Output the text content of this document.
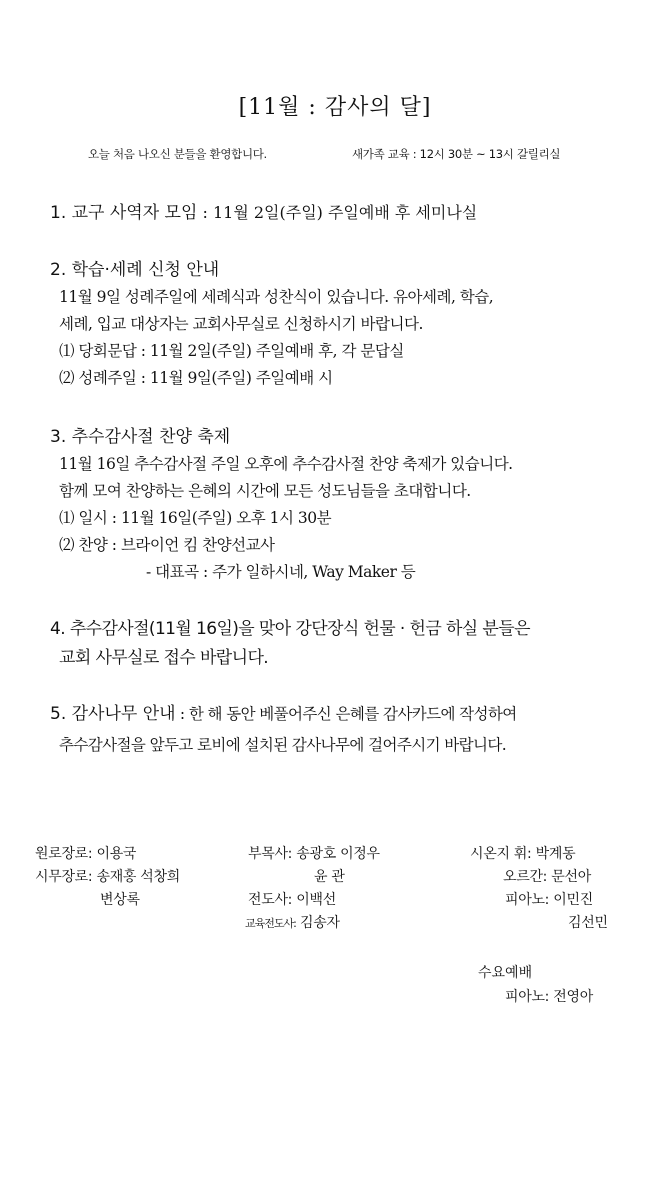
[11월 : 감사의 달]
오늘 처음 나오신 분들을 환영합니다.	새가족 교육 : 12시 30분 ~ 13시 갈릴리실
1. 교구 사역자 모임 : 11월 2일(주일) 주일예배 후 세미나실
2. 학습·세례 신청 안내
11월 9일 성례주일에 세례식과 성찬식이 있습니다. 유아세례, 학습,
세례, 입교 대상자는 교회사무실로 신청하시기 바랍니다.
⑴ 당회문답 : 11월 2일(주일) 주일예배 후, 각 문답실
⑵ 성례주일 : 11월 9일(주일) 주일예배 시
3. 추수감사절 찬양 축제
11월 16일 추수감사절 주일 오후에 추수감사절 찬양 축제가 있습니다.
함께 모여 찬양하는 은혜의 시간에 모든 성도님들을 초대합니다.
⑴ 일시 : 11월 16일(주일) 오후 1시 30분
⑵ 찬양 : 브라이언 킴 찬양선교사
- 대표곡 : 주가 일하시네, Way Maker 등
4. 추수감사절(11월 16일)을 맞아 강단장식 헌물 · 헌금 하실 분들은
교회 사무실로 접수 바랍니다.
5. 감사나무 안내 : 한 해 동안 베풀어주신 은혜를 감사카드에 작성하여
추수감사절을 앞두고 로비에 설치된 감사나무에 걸어주시기 바랍니다.
원로장로: 이용국
시무장로: 송재홍 석창희
변상록
부목사: 송광호 이정우
윤 관
전도사: 이백선
교육전도사: 김송자
시온지 휘: 박계동
오르간: 문선아
피아노: 이민진
김선민
수요예배
피아노: 전영아
